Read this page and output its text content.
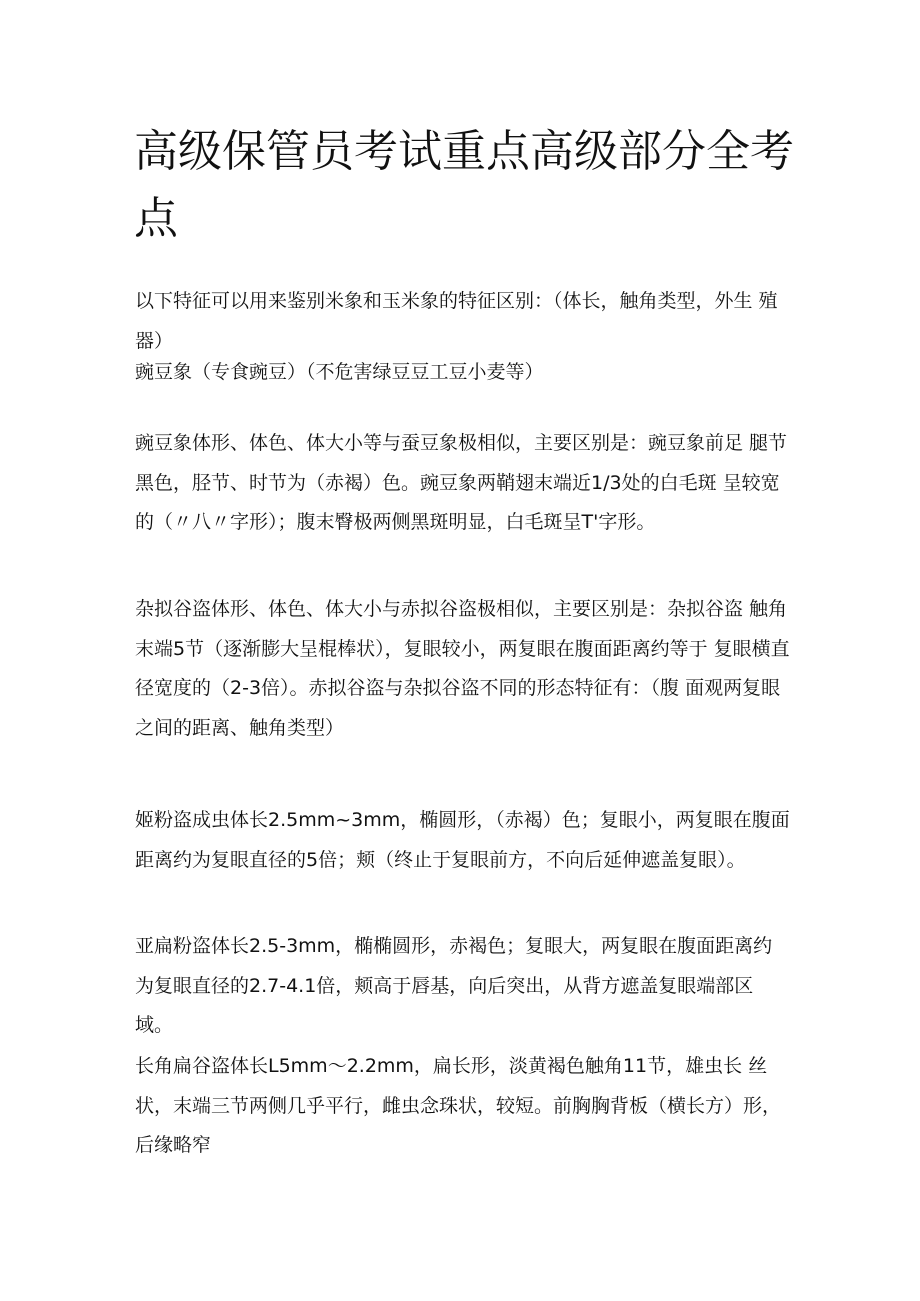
高级保管员考试重点高级部分全考点

以下特征可以用来鉴别米象和玉米象的特征区别：（体长，触角类型，外生 殖器）

豌豆象（专食豌豆）（不危害绿豆豆工豆小麦等）

豌豆象体形、体色、体大小等与蚕豆象极相似，主要区别是：豌豆象前足 腿节黑色，胫节、时节为（赤褐）色。豌豆象两鞘翅末端近1/3处的白毛斑 呈较宽的（〃八〃字形）；腹末臀极两侧黑斑明显，白毛斑呈T'字形。

杂拟谷盗体形、体色、体大小与赤拟谷盗极相似，主要区别是：杂拟谷盗 触角末端5节（逐渐膨大呈棍棒状），复眼较小，两复眼在腹面距离约等于 复眼横直径宽度的（2-3倍）。赤拟谷盗与杂拟谷盗不同的形态特征有：（腹 面观两复眼之间的距离、触角类型）

姬粉盗成虫体长2.5mm~3mm，椭圆形，（赤褐）色；复眼小，两复眼在腹面 距离约为复眼直径的5倍；颊（终止于复眼前方，不向后延伸遮盖复眼）。

亚扁粉盗体长2.5-3mm，椭椭圆形，赤褐色；复眼大，两复眼在腹面距离约 为复眼直径的2.7-4.1倍，颊高于唇基，向后突出，从背方遮盖复眼端部区 域。

长角扁谷盗体长L5mm～2.2mm，扁长形，淡黄褐色触角11节，雄虫长 丝状，末端三节两侧几乎平行，雌虫念珠状，较短。前胸胸背板（横长方）形， 后缘略窄
